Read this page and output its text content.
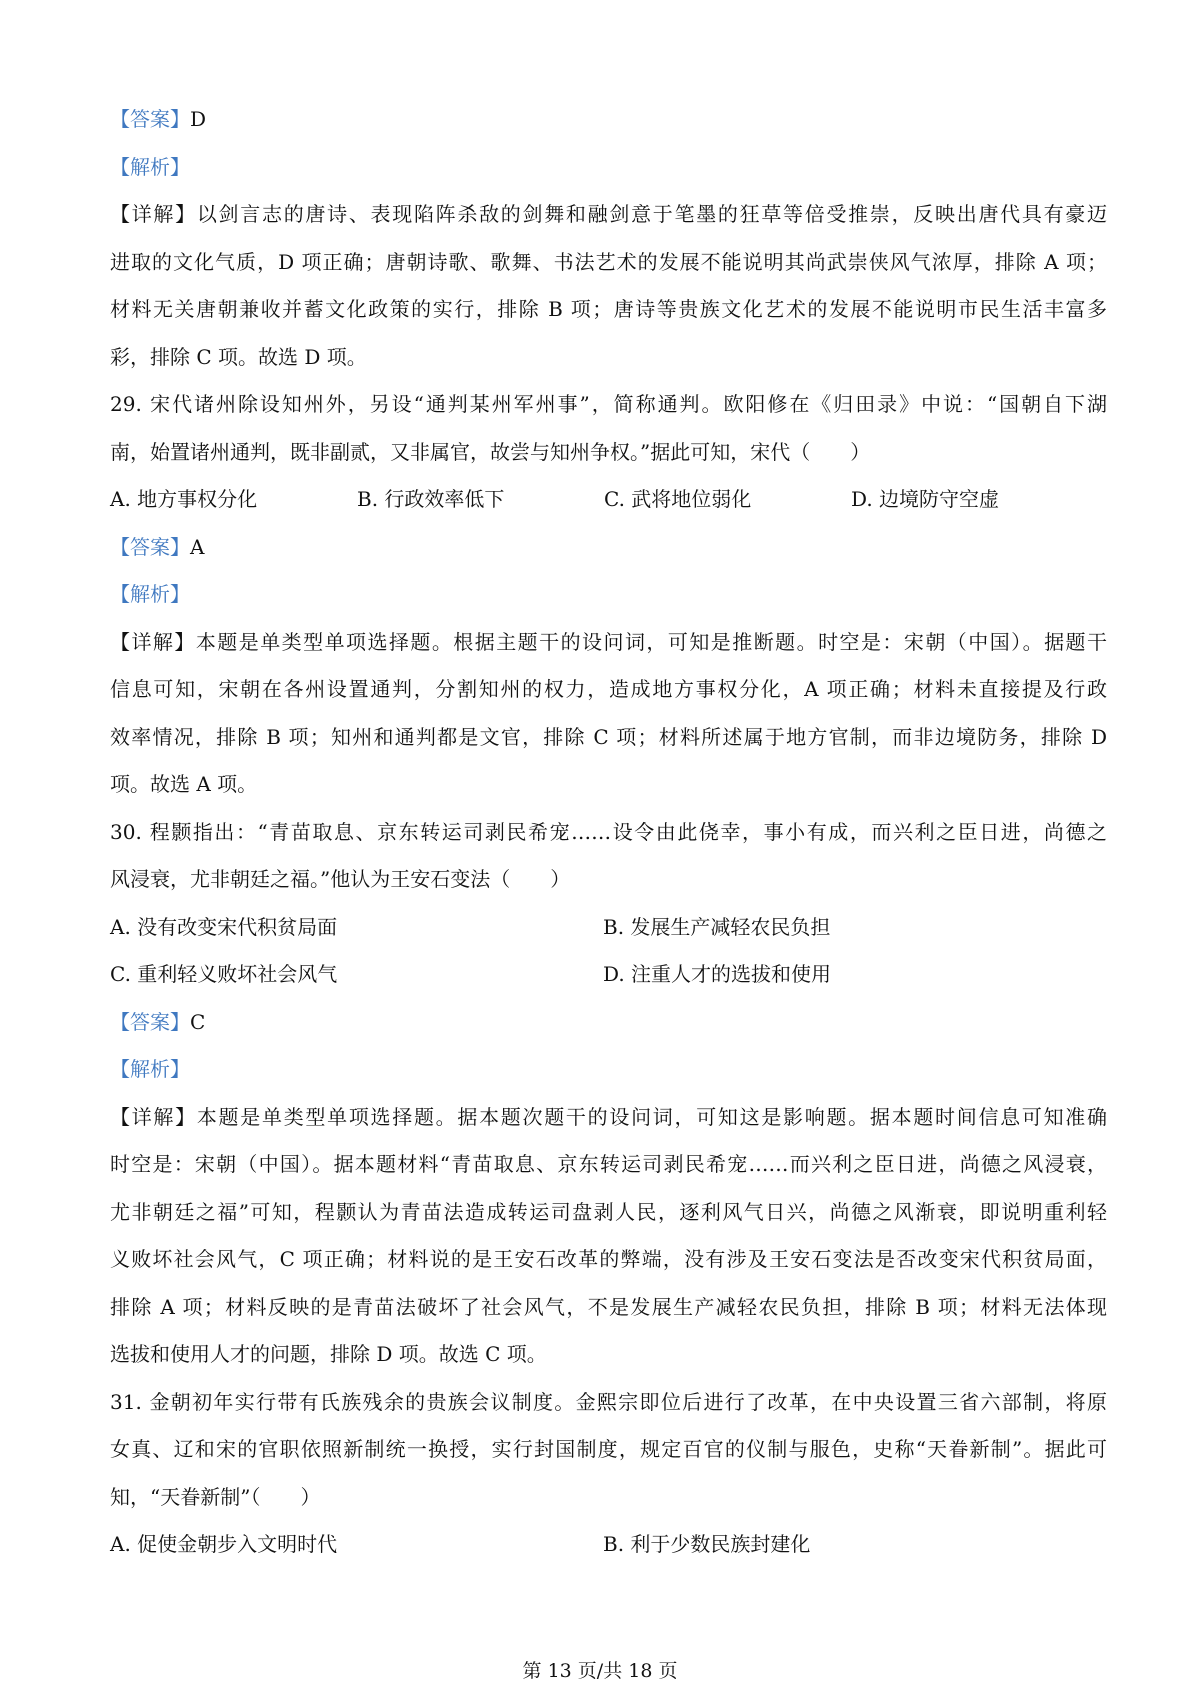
【答案】D
【解析】
【详解】以剑言志的唐诗、表现陷阵杀敌的剑舞和融剑意于笔墨的狂草等倍受推崇，反映出唐代具有豪迈
进取的文化气质，D 项正确；唐朝诗歌、歌舞、书法艺术的发展不能说明其尚武崇侠风气浓厚，排除 A 项；
材料无关唐朝兼收并蓄文化政策的实行，排除 B 项；唐诗等贵族文化艺术的发展不能说明市民生活丰富多
彩，排除 C 项。故选 D 项。
29. 宋代诸州除设知州外，另设“通判某州军州事”，简称通判。欧阳修在《归田录》中说：“国朝自下湖
南，始置诸州通判，既非副贰，又非属官，故尝与知州争权。”据此可知，宋代（　　）
A. 地方事权分化	B. 行政效率低下	C. 武将地位弱化	D. 边境防守空虚
【答案】A
【解析】
【详解】本题是单类型单项选择题。根据主题干的设问词，可知是推断题。时空是：宋朝（中国）。据题干
信息可知，宋朝在各州设置通判，分割知州的权力，造成地方事权分化，A 项正确；材料未直接提及行政
效率情况，排除 B 项；知州和通判都是文官，排除 C 项；材料所述属于地方官制，而非边境防务，排除 D
项。故选 A 项。
30. 程颢指出：“青苗取息、京东转运司剥民希宠……设令由此侥幸，事小有成，而兴利之臣日进，尚德之
风浸衰，尤非朝廷之福。”他认为王安石变法（　　）
A. 没有改变宋代积贫局面	B. 发展生产减轻农民负担
C. 重利轻义败坏社会风气	D. 注重人才的选拔和使用
【答案】C
【解析】
【详解】本题是单类型单项选择题。据本题次题干的设问词，可知这是影响题。据本题时间信息可知准确
时空是：宋朝（中国）。据本题材料“青苗取息、京东转运司剥民希宠……而兴利之臣日进，尚德之风浸衰，
尤非朝廷之福”可知，程颢认为青苗法造成转运司盘剥人民，逐利风气日兴，尚德之风渐衰，即说明重利轻
义败坏社会风气，C 项正确；材料说的是王安石改革的弊端，没有涉及王安石变法是否改变宋代积贫局面，
排除 A 项；材料反映的是青苗法破坏了社会风气，不是发展生产减轻农民负担，排除 B 项；材料无法体现
选拔和使用人才的问题，排除 D 项。故选 C 项。
31. 金朝初年实行带有氏族残余的贵族会议制度。金熙宗即位后进行了改革，在中央设置三省六部制，将原
女真、辽和宋的官职依照新制统一换授，实行封国制度，规定百官的仪制与服色，史称“天眷新制”。据此可
知，“天眷新制”（　　）
A. 促使金朝步入文明时代	B. 利于少数民族封建化
第 13 页/共 18 页
